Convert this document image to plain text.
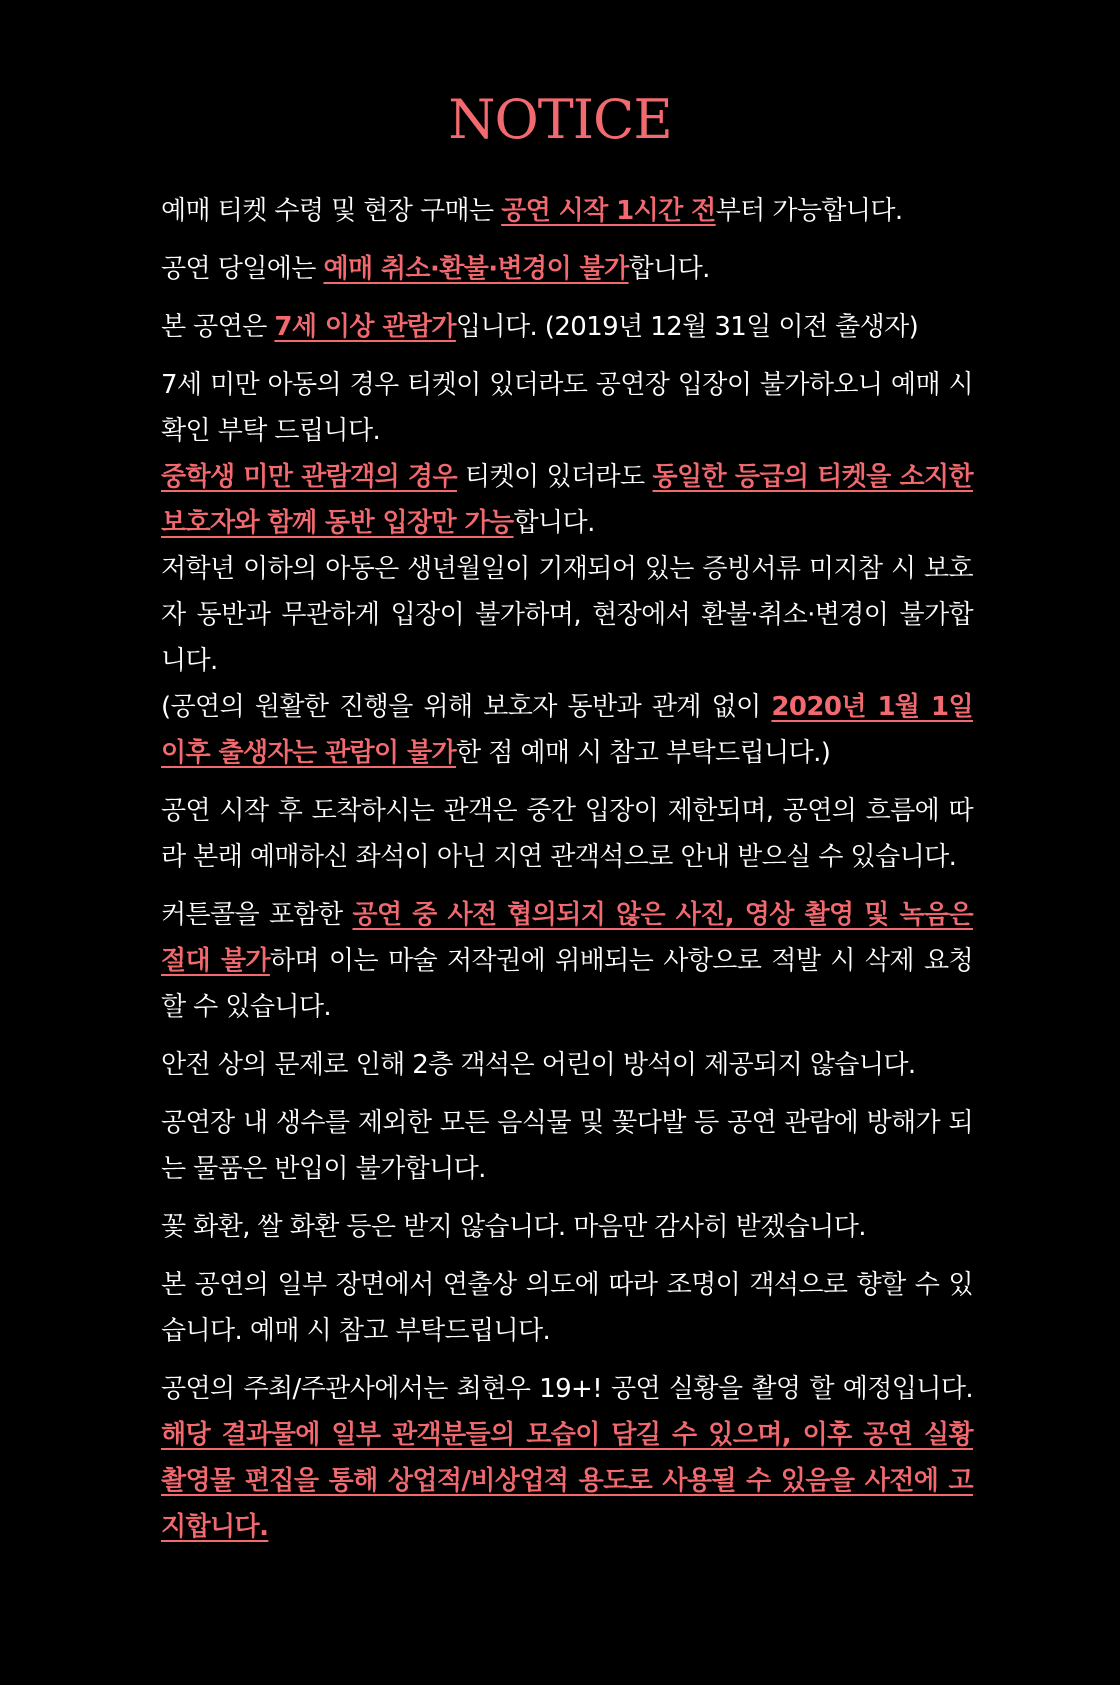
NOTICE

예매 티켓 수령 및 현장 구매는 공연 시작 1시간 전부터 가능합니다.

공연 당일에는 예매 취소·환불·변경이 불가합니다.

본 공연은 7세 이상 관람가입니다. (2019년 12월 31일 이전 출생자)

7세 미만 아동의 경우 티켓이 있더라도 공연장 입장이 불가하오니 예매 시 확인 부탁 드립니다.

중학생 미만 관람객의 경우 티켓이 있더라도 동일한 등급의 티켓을 소지한 보호자와 함께 동반 입장만 가능합니다.

저학년 이하의 아동은 생년월일이 기재되어 있는 증빙서류 미지참 시 보호자 동반과 무관하게 입장이 불가하며, 현장에서 환불·취소·변경이 불가합니다.

(공연의 원활한 진행을 위해 보호자 동반과 관계 없이 2020년 1월 1일 이후 출생자는 관람이 불가한 점 예매 시 참고 부탁드립니다.)

공연 시작 후 도착하시는 관객은 중간 입장이 제한되며, 공연의 흐름에 따라 본래 예매하신 좌석이 아닌 지연 관객석으로 안내 받으실 수 있습니다.

커튼콜을 포함한 공연 중 사전 협의되지 않은 사진, 영상 촬영 및 녹음은 절대 불가하며 이는 마술 저작권에 위배되는 사항으로 적발 시 삭제 요청할 수 있습니다.

안전 상의 문제로 인해 2층 객석은 어린이 방석이 제공되지 않습니다.

공연장 내 생수를 제외한 모든 음식물 및 꽃다발 등 공연 관람에 방해가 되는 물품은 반입이 불가합니다.

꽃 화환, 쌀 화환 등은 받지 않습니다. 마음만 감사히 받겠습니다.

본 공연의 일부 장면에서 연출상 의도에 따라 조명이 객석으로 향할 수 있습니다. 예매 시 참고 부탁드립니다.

공연의 주최/주관사에서는 최현우 19+! 공연 실황을 촬영 할 예정입니다. 해당 결과물에 일부 관객분들의 모습이 담길 수 있으며, 이후 공연 실황 촬영물 편집을 통해 상업적/비상업적 용도로 사용될 수 있음을 사전에 고지합니다.
